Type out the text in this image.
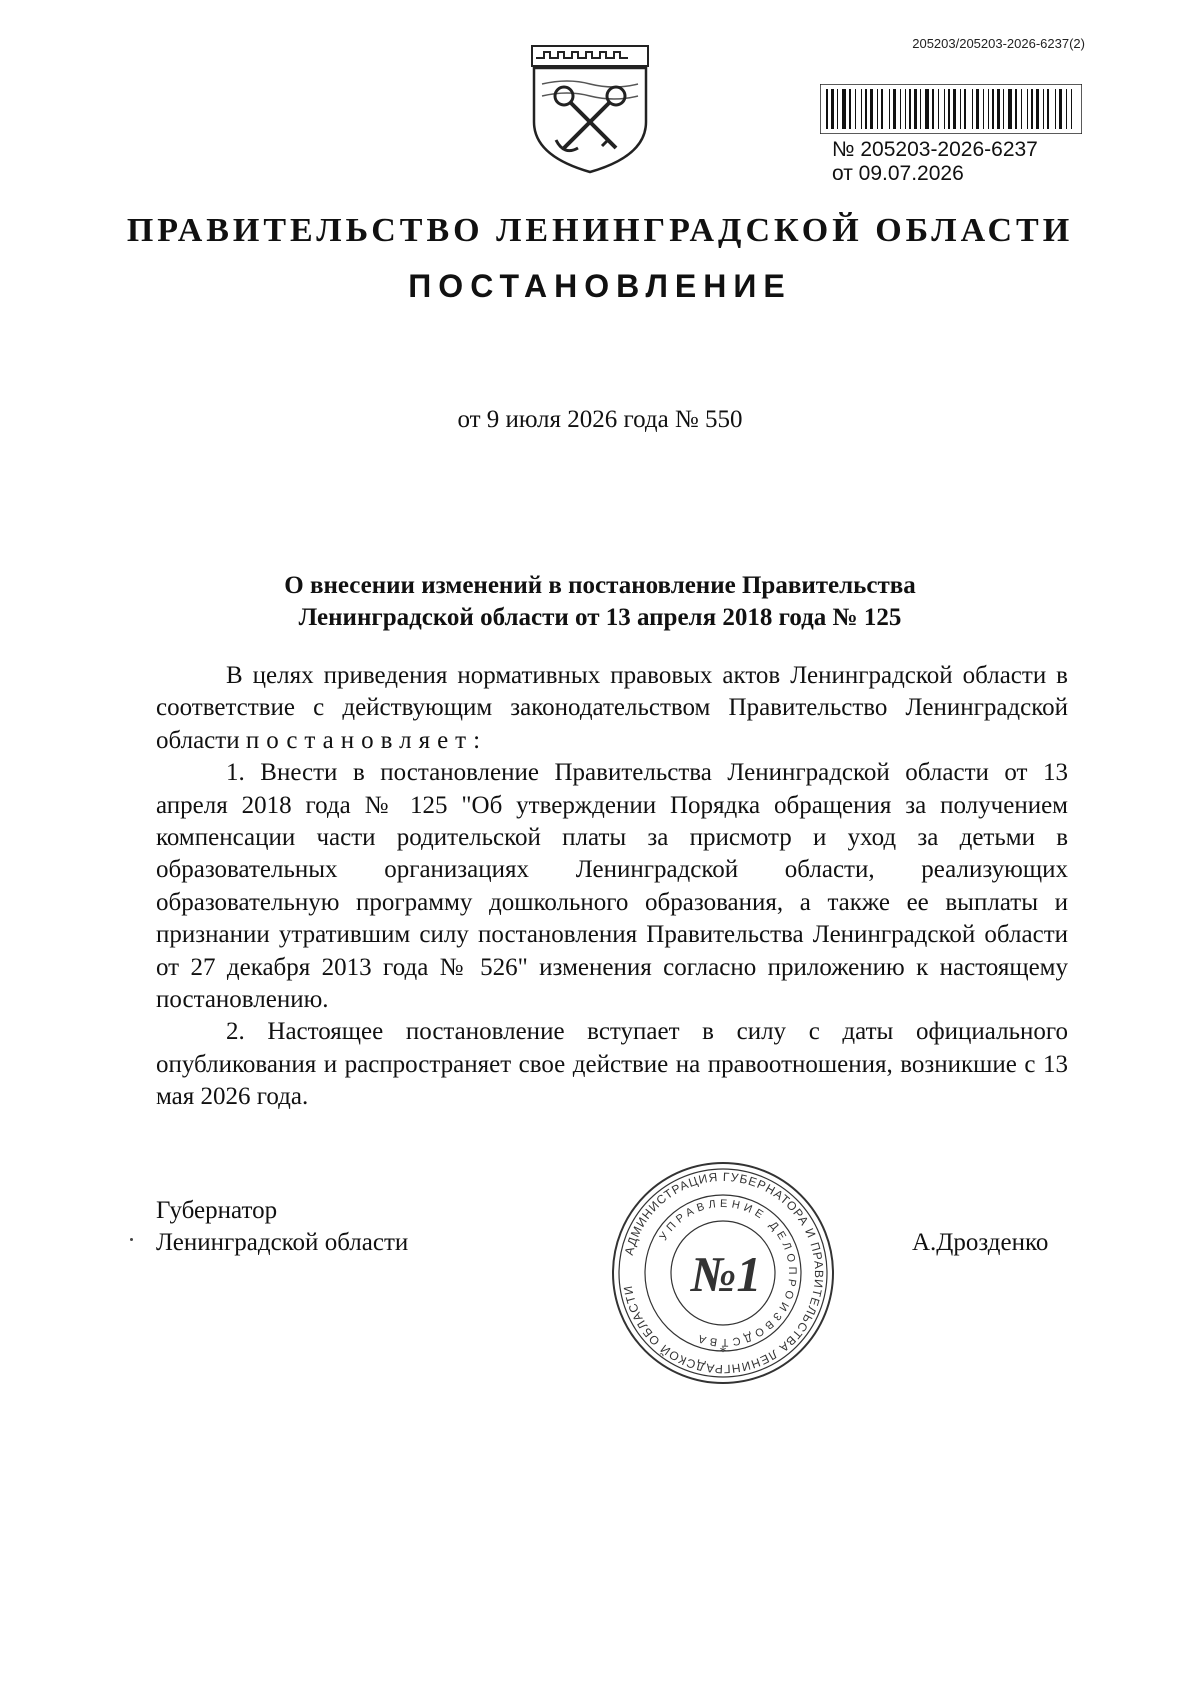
205203/205203-2026-6237(2)
№ 205203-2026-6237
от 09.07.2026
ПРАВИТЕЛЬСТВО ЛЕНИНГРАДСКОЙ ОБЛАСТИ
ПОСТАНОВЛЕНИЕ
от 9 июля 2026 года № 550
О внесении изменений в постановление Правительства
Ленинградской области от 13 апреля 2018 года № 125

В целях приведения нормативных правовых актов Ленинградской области в соответствие с действующим законодательством Правительство Ленинградской области постановляет:

1. Внести в постановление Правительства Ленинградской области от 13 апреля 2018 года № 125 "Об утверждении Порядка обращения за получением компенсации части родительской платы за присмотр и уход за детьми в образовательных организациях Ленинградской области, реализующих образовательную программу дошкольного образования, а также ее выплаты и признании утратившим силу постановления Правительства Ленинградской области от 27 декабря 2013 года № 526" изменения согласно приложению к настоящему постановлению.

2. Настоящее постановление вступает в силу с даты официального опубликования и распространяет свое действие на правоотношения, возникшие с 13 мая 2026 года.

Губернатор
Ленинградской области	АДМИНИСТРАЦИЯ ГУБЕРНАТОРА И ПРАВИТЕЛЬСТВА ЛЕНИНГРАДСКОЙ ОБЛАСТИ
УПРАВЛЕНИЕ ДЕЛОПРОИЗВОДСТВА
*
№1
А.Дрозденко
